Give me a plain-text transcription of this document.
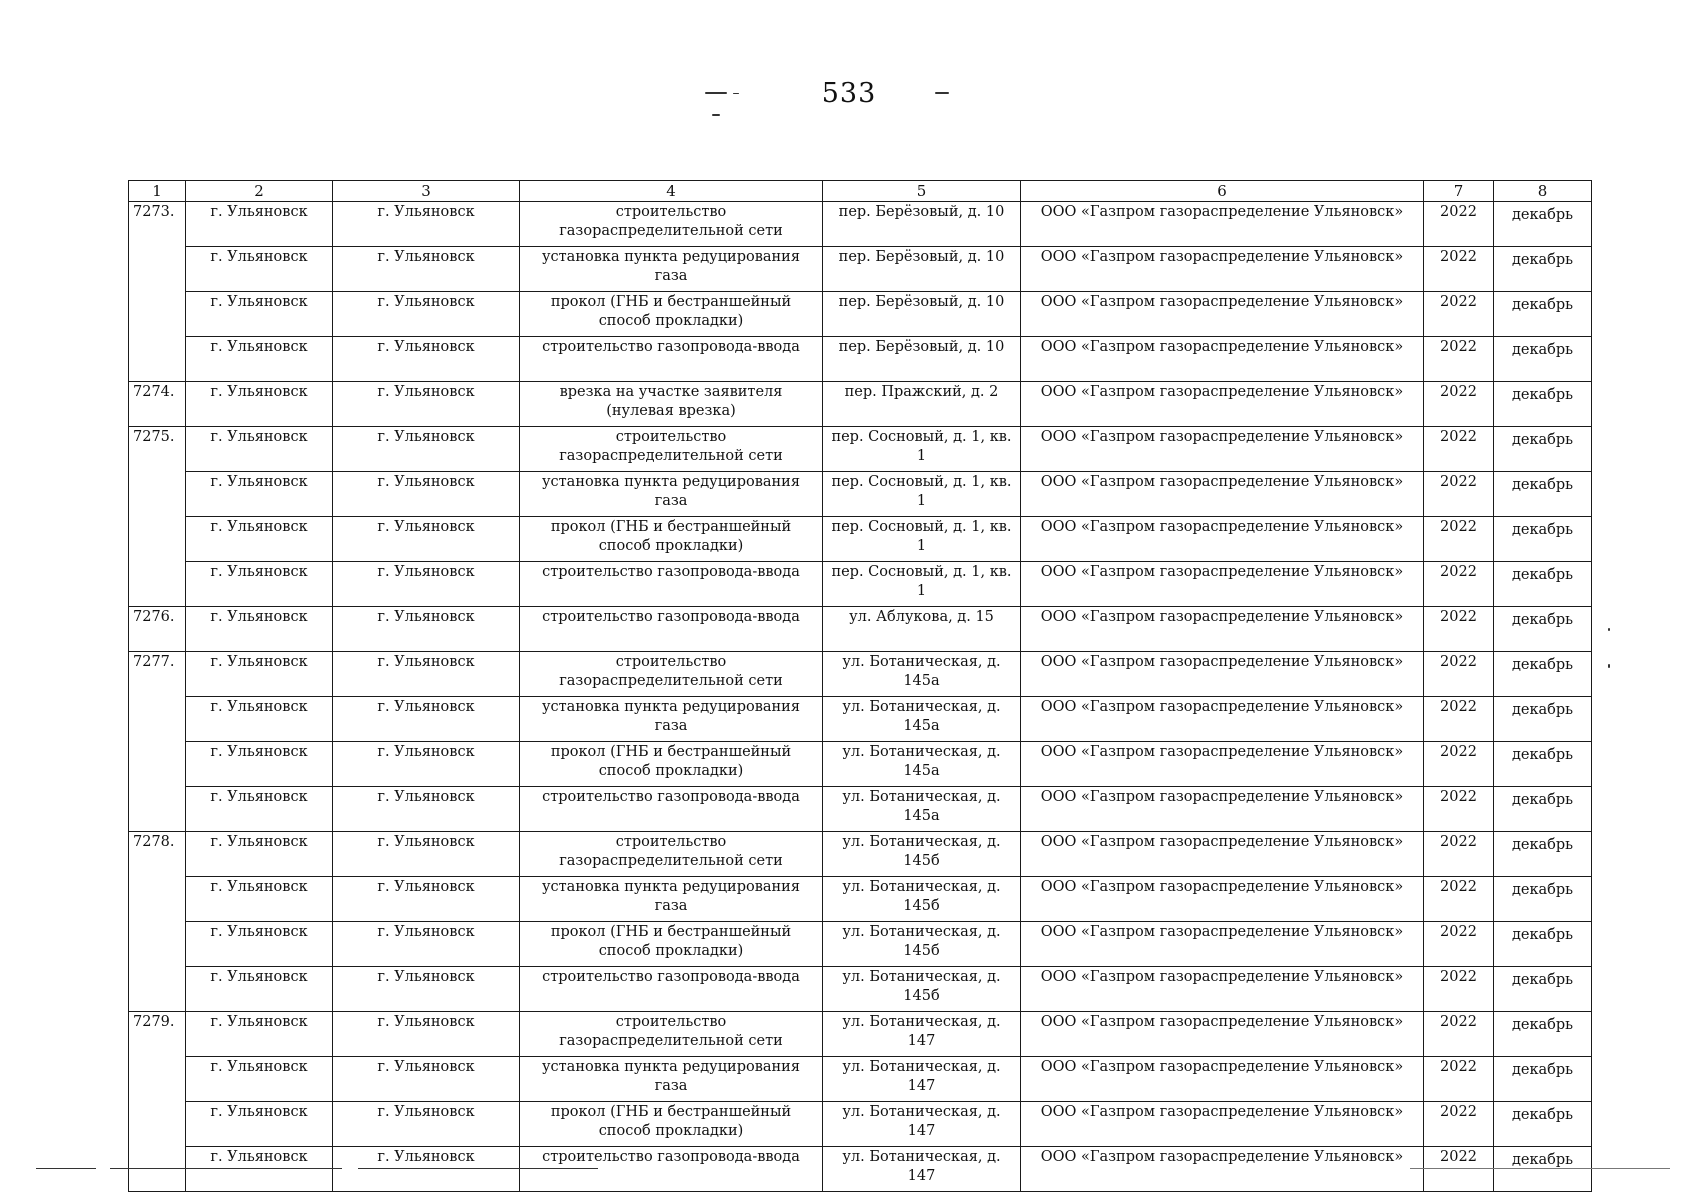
533
1	2	3	4	5	6	7	8
7273.	г. Ульяновск	г. Ульяновск	строительство газораспределительной сети	пер. Берёзовый, д. 10	ООО «Газпром газораспределение Ульяновск»	2022	декабрь
	г. Ульяновск	г. Ульяновск	установка пункта редуцирования газа	пер. Берёзовый, д. 10	ООО «Газпром газораспределение Ульяновск»	2022	декабрь
	г. Ульяновск	г. Ульяновск	прокол (ГНБ и бестраншейный способ прокладки)	пер. Берёзовый, д. 10	ООО «Газпром газораспределение Ульяновск»	2022	декабрь
	г. Ульяновск	г. Ульяновск	строительство газопровода-ввода	пер. Берёзовый, д. 10	ООО «Газпром газораспределение Ульяновск»	2022	декабрь
7274.	г. Ульяновск	г. Ульяновск	врезка на участке заявителя (нулевая врезка)	пер. Пражский, д. 2	ООО «Газпром газораспределение Ульяновск»	2022	декабрь
7275.	г. Ульяновск	г. Ульяновск	строительство газораспределительной сети	пер. Сосновый, д. 1, кв. 1	ООО «Газпром газораспределение Ульяновск»	2022	декабрь
	г. Ульяновск	г. Ульяновск	установка пункта редуцирования газа	пер. Сосновый, д. 1, кв. 1	ООО «Газпром газораспределение Ульяновск»	2022	декабрь
	г. Ульяновск	г. Ульяновск	прокол (ГНБ и бестраншейный способ прокладки)	пер. Сосновый, д. 1, кв. 1	ООО «Газпром газораспределение Ульяновск»	2022	декабрь
	г. Ульяновск	г. Ульяновск	строительство газопровода-ввода	пер. Сосновый, д. 1, кв. 1	ООО «Газпром газораспределение Ульяновск»	2022	декабрь
7276.	г. Ульяновск	г. Ульяновск	строительство газопровода-ввода	ул. Аблукова, д. 15	ООО «Газпром газораспределение Ульяновск»	2022	декабрь
7277.	г. Ульяновск	г. Ульяновск	строительство газораспределительной сети	ул. Ботаническая, д. 145а	ООО «Газпром газораспределение Ульяновск»	2022	декабрь
	г. Ульяновск	г. Ульяновск	установка пункта редуцирования газа	ул. Ботаническая, д. 145а	ООО «Газпром газораспределение Ульяновск»	2022	декабрь
	г. Ульяновск	г. Ульяновск	прокол (ГНБ и бестраншейный способ прокладки)	ул. Ботаническая, д. 145а	ООО «Газпром газораспределение Ульяновск»	2022	декабрь
	г. Ульяновск	г. Ульяновск	строительство газопровода-ввода	ул. Ботаническая, д. 145а	ООО «Газпром газораспределение Ульяновск»	2022	декабрь
7278.	г. Ульяновск	г. Ульяновск	строительство газораспределительной сети	ул. Ботаническая, д. 145б	ООО «Газпром газораспределение Ульяновск»	2022	декабрь
	г. Ульяновск	г. Ульяновск	установка пункта редуцирования газа	ул. Ботаническая, д. 145б	ООО «Газпром газораспределение Ульяновск»	2022	декабрь
	г. Ульяновск	г. Ульяновск	прокол (ГНБ и бестраншейный способ прокладки)	ул. Ботаническая, д. 145б	ООО «Газпром газораспределение Ульяновск»	2022	декабрь
	г. Ульяновск	г. Ульяновск	строительство газопровода-ввода	ул. Ботаническая, д. 145б	ООО «Газпром газораспределение Ульяновск»	2022	декабрь
7279.	г. Ульяновск	г. Ульяновск	строительство газораспределительной сети	ул. Ботаническая, д. 147	ООО «Газпром газораспределение Ульяновск»	2022	декабрь
	г. Ульяновск	г. Ульяновск	установка пункта редуцирования газа	ул. Ботаническая, д. 147	ООО «Газпром газораспределение Ульяновск»	2022	декабрь
	г. Ульяновск	г. Ульяновск	прокол (ГНБ и бестраншейный способ прокладки)	ул. Ботаническая, д. 147	ООО «Газпром газораспределение Ульяновск»	2022	декабрь
	г. Ульяновск	г. Ульяновск	строительство газопровода-ввода	ул. Ботаническая, д. 147	ООО «Газпром газораспределение Ульяновск»	2022	декабрь
